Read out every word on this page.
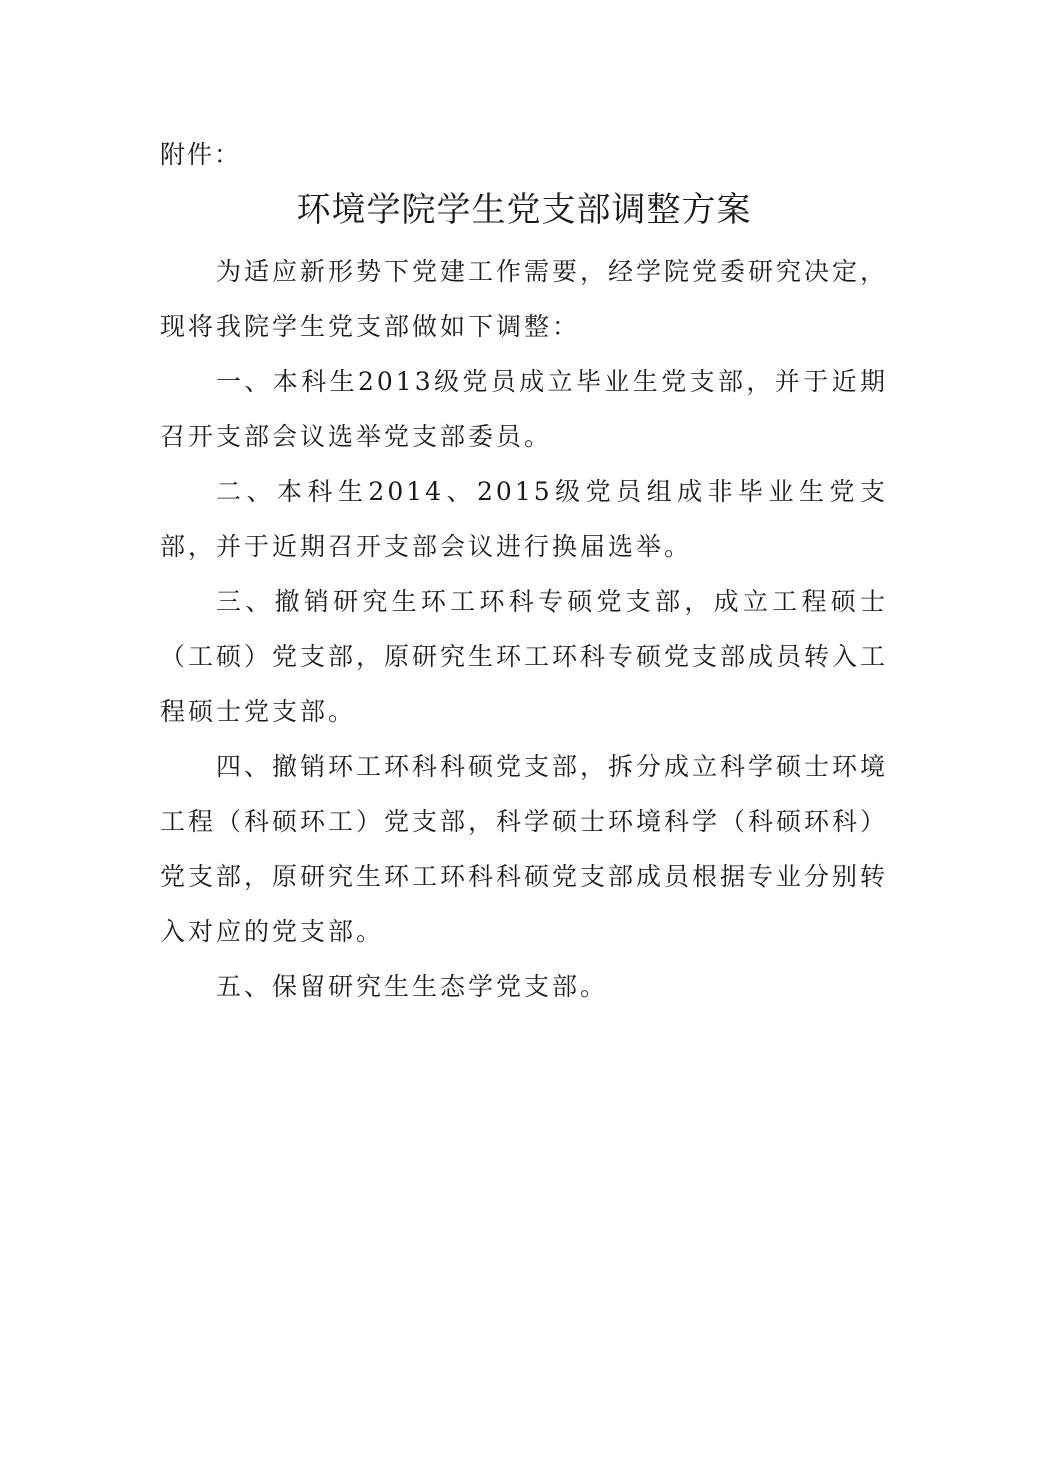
附件：
环境学院学生党支部调整方案

为适应新形势下党建工作需要，经学院党委研究决定，现将我院学生党支部做如下调整：

一、本科生2013级党员成立毕业生党支部，并于近期召开支部会议选举党支部委员。

二、本科生2014、2015级党员组成非毕业生党支部，并于近期召开支部会议进行换届选举。

三、撤销研究生环工环科专硕党支部，成立工程硕士（工硕）党支部，原研究生环工环科专硕党支部成员转入工程硕士党支部。

四、撤销环工环科科硕党支部，拆分成立科学硕士环境工程（科硕环工）党支部，科学硕士环境科学（科硕环科）党支部，原研究生环工环科科硕党支部成员根据专业分别转入对应的党支部。

五、保留研究生生态学党支部。
